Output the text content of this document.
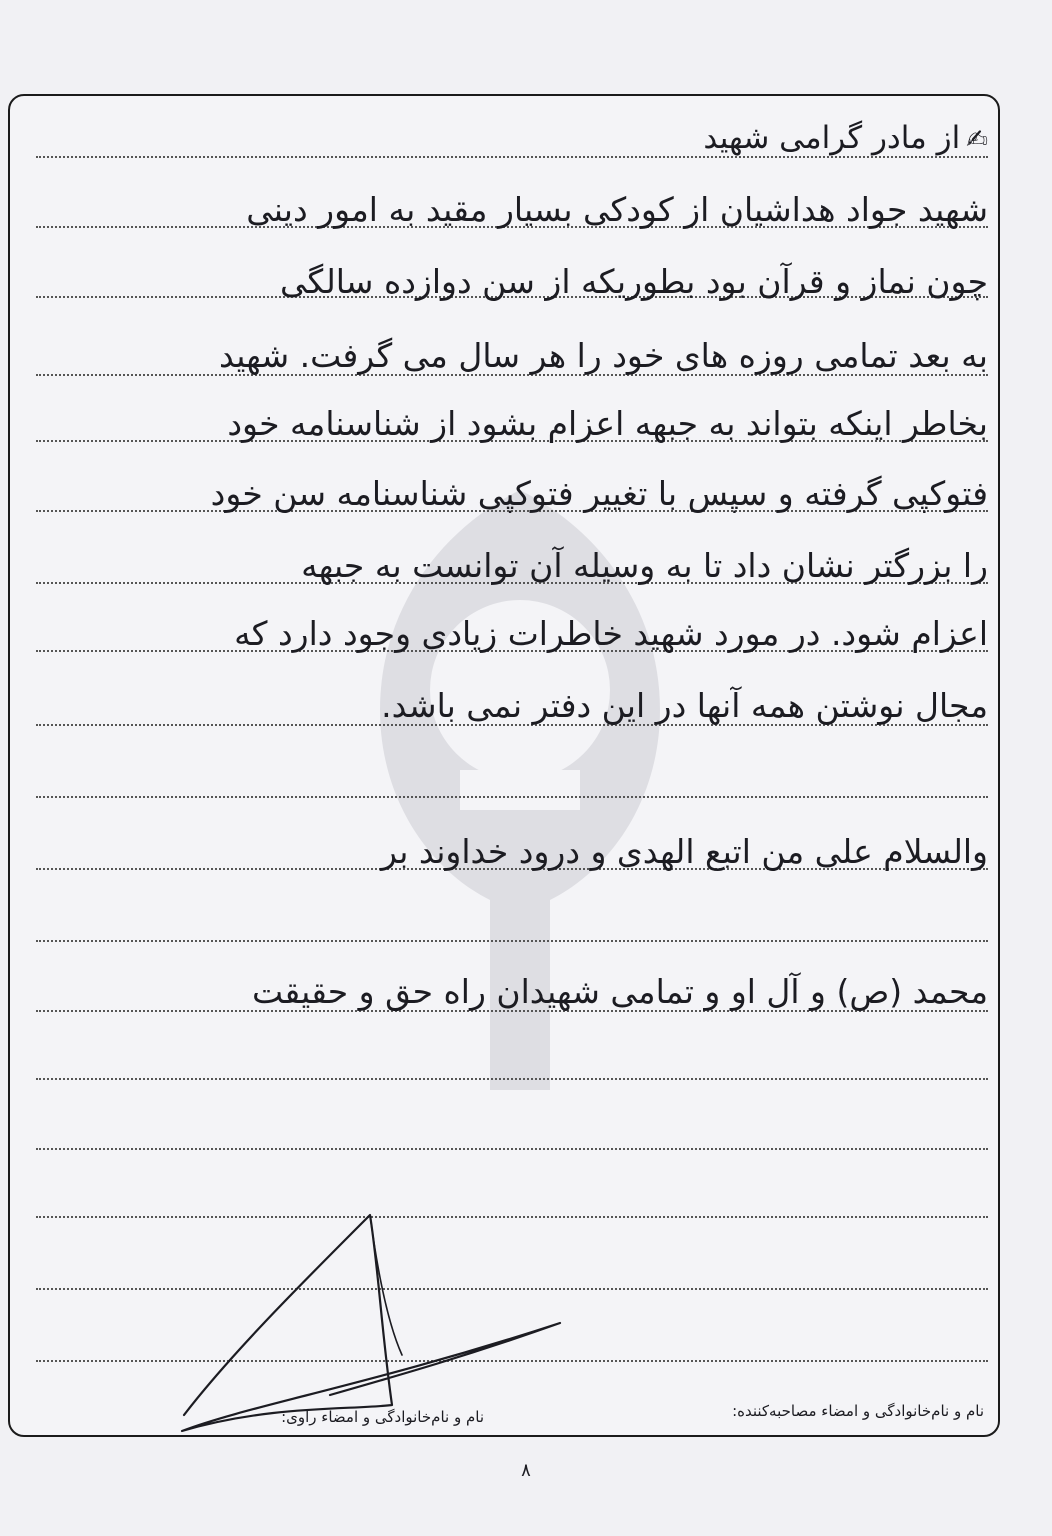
✍از مادر گرامی شهید
شهید جواد هداشیان از کودکی بسیار مقید به امور دینی
چون نماز و قرآن بود بطوریکه از سن دوازده سالگی
به بعد تمامی روزه های خود را هر سال می گرفت. شهید
بخاطر اینکه بتواند به جبهه اعزام بشود از شناسنامه خود
فتوکپی گرفته و سپس با تغییر فتوکپی شناسنامه سن خود
را بزرگتر نشان داد تا به وسیله آن توانست به جبهه
اعزام شود. در مورد شهید خاطرات زیادی وجود دارد که
مجال نوشتن همه آنها در این دفتر نمی باشد.
والسلام علی من اتبع الهدی و درود خداوند بر
محمد (ص) و آل او و تمامی شهیدان راه حق و حقیقت
نام و نام‌خانوادگی و امضاء مصاحبه‌کننده:
نام و نام‌خانوادگی و امضاء راوی:
۸
